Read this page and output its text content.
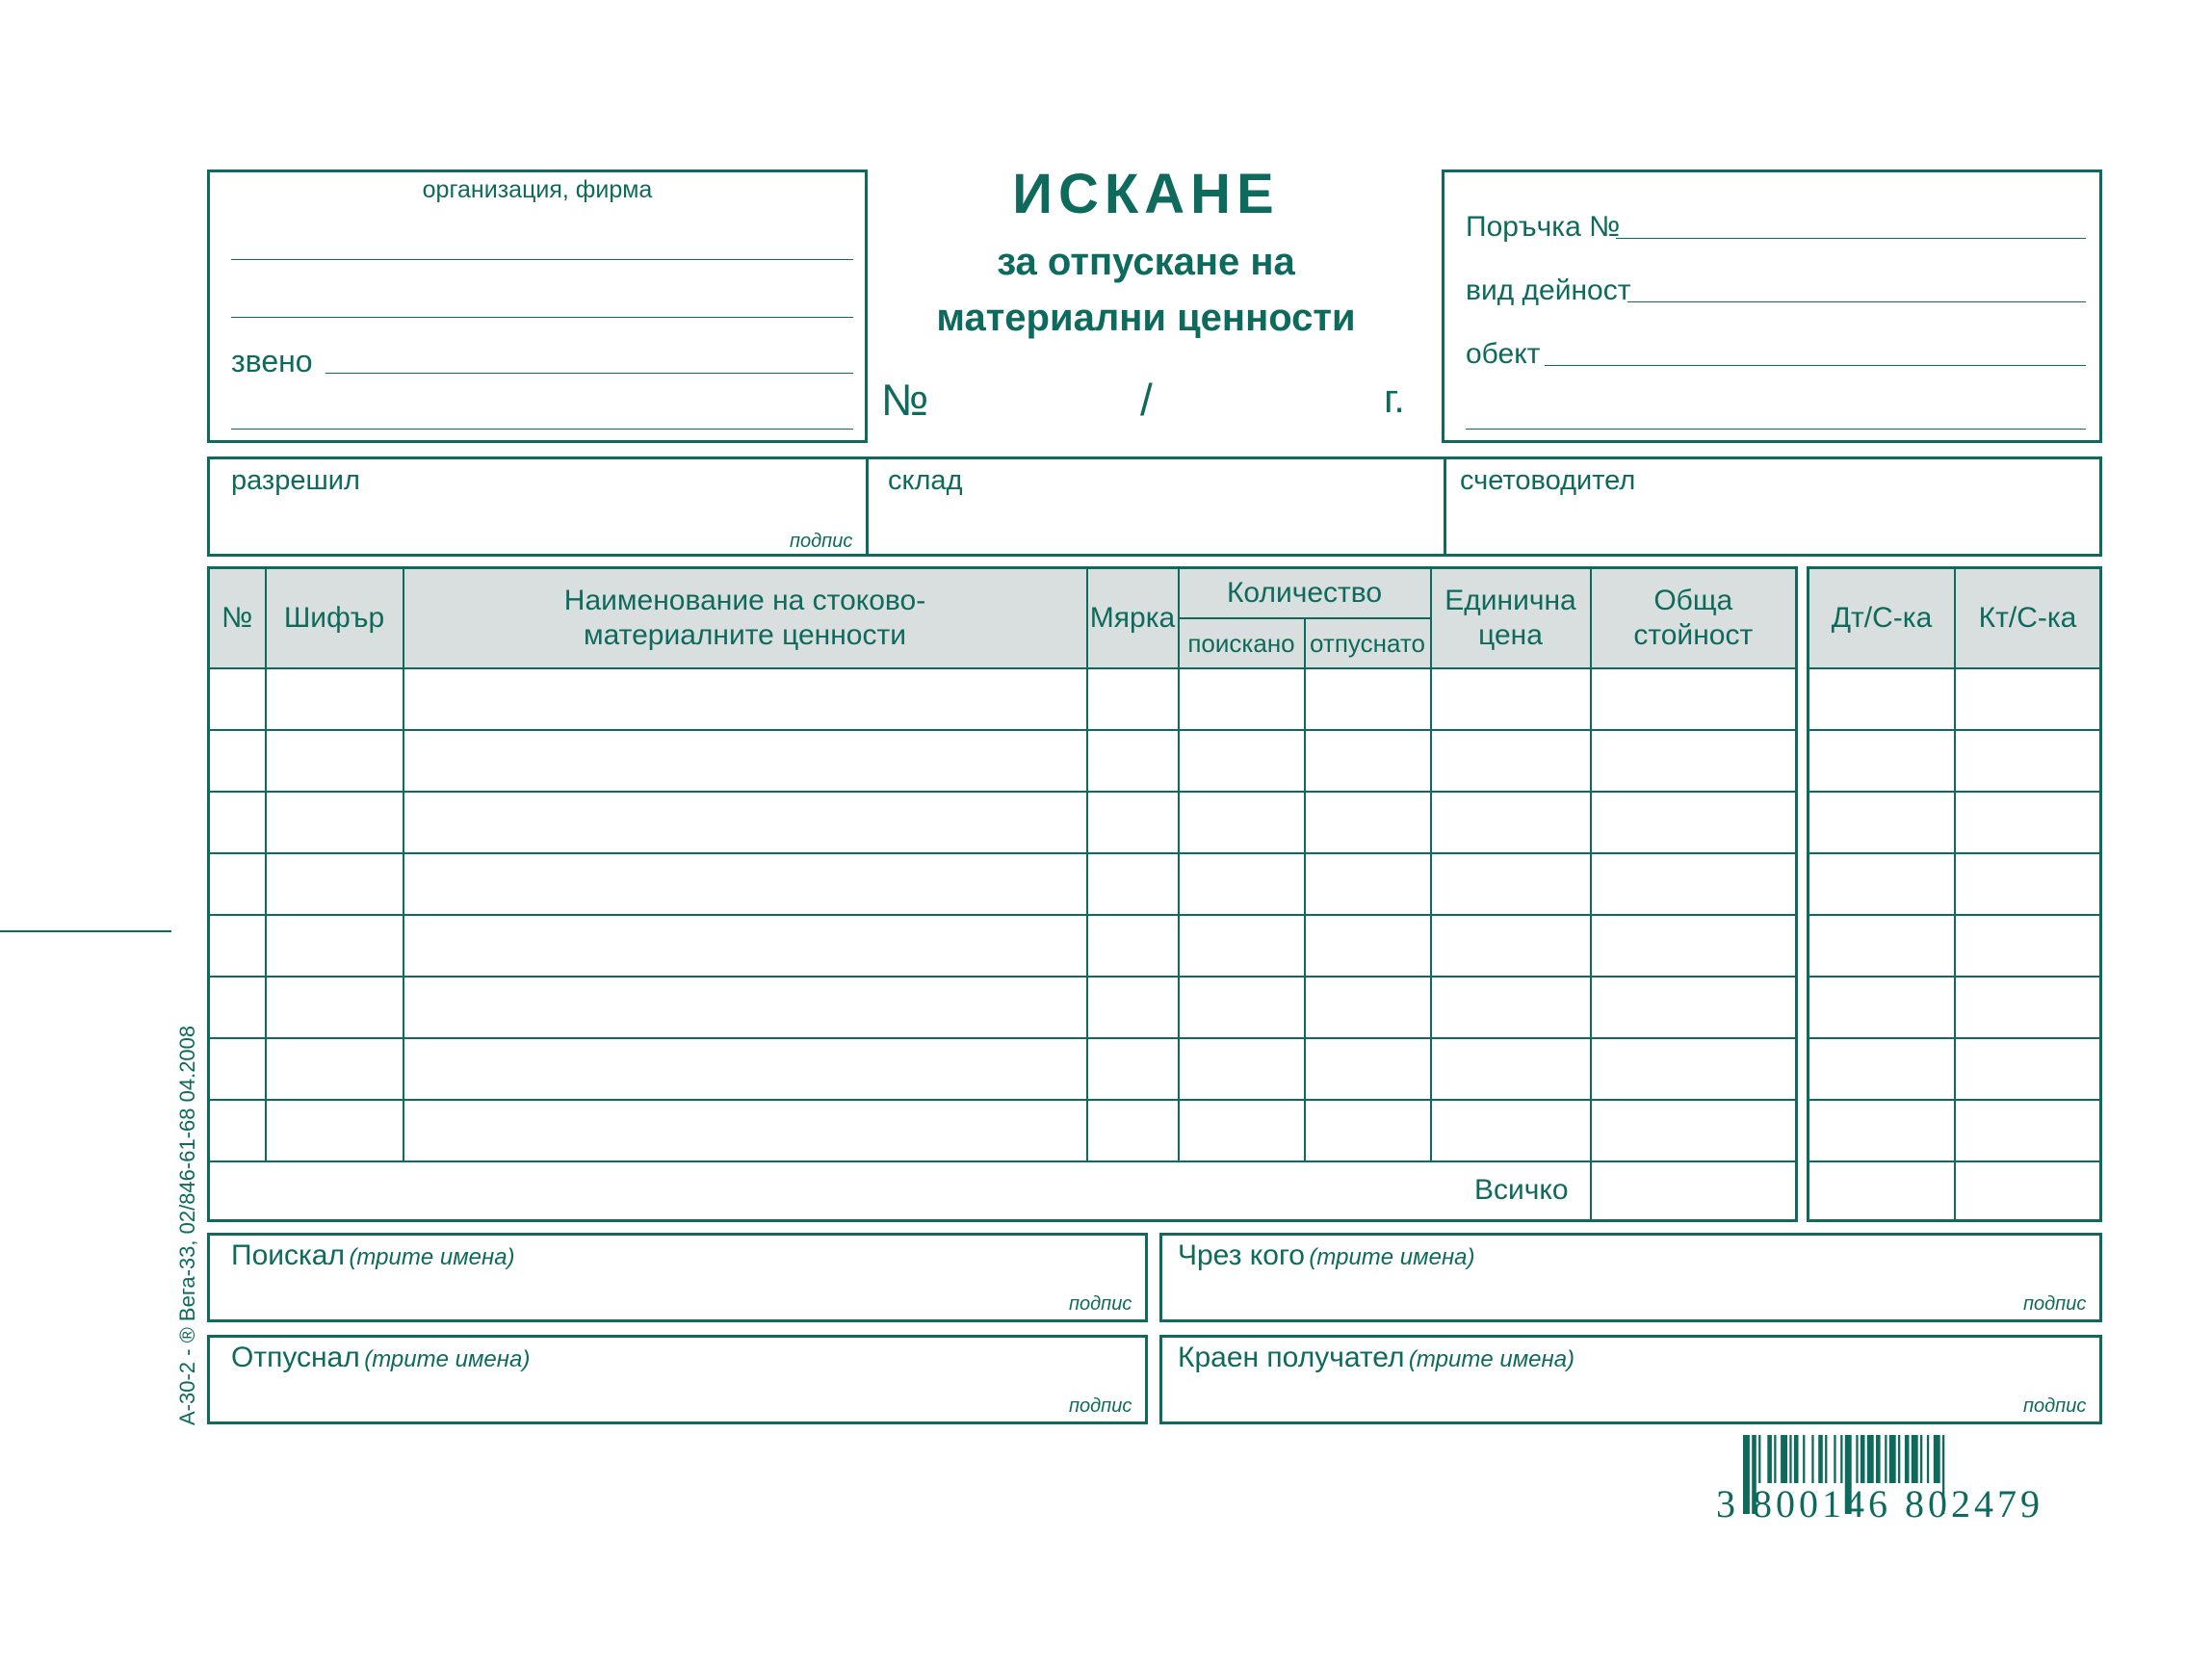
организация, фирма
звено
ИСКАНЕ
за отпускане на
материални ценности
№	/	г.
Поръчка №
вид дейност
обект
разрешил
подпис
склад	счетоводител
№	Шифър	Наименование на стоково-материалните ценности	Мярка	Количество		Единична цена	Обща стойност
				поискано	отпуснато		

Всичко							
Дт/С-ка	Кт/С-ка

Поискал (трите имена)
подпис
Чрез кого (трите имена)
подпис
Отпуснал (трите имена)
подпис
Краен получател (трите имена)
подпис
А-30-2 - ® Вега-33, 02/846-61-68 04.2008
3 800146 802479
